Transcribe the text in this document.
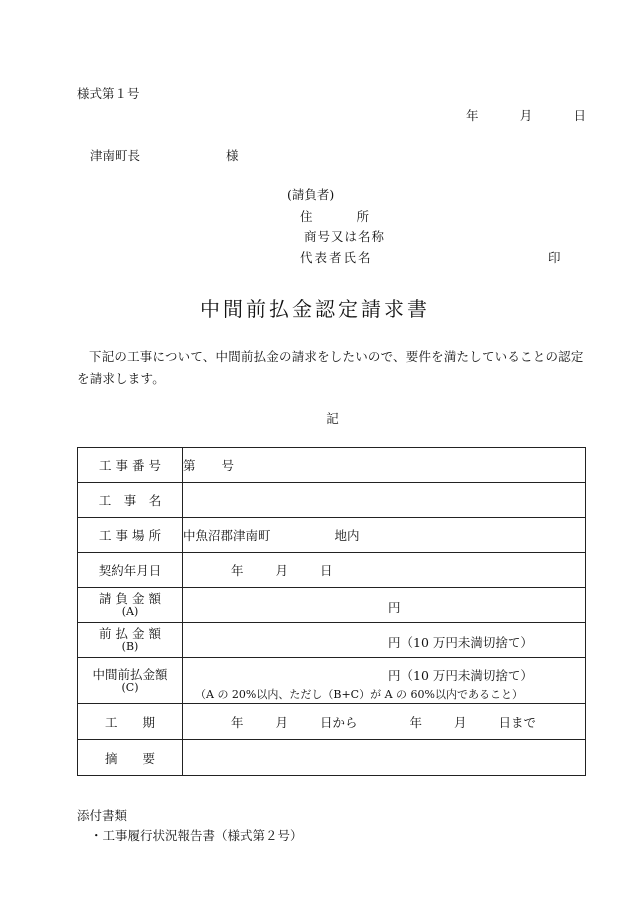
様式第１号
年	月	日
津南町長	様
(請負者)
住	所
商号又は名称
代表者氏名	印
中間前払金認定請求書
下記の工事について、中間前払金の請求をしたいので、要件を満たしていることの認定を請求します。
記
工 事 番 号	第 号
工　事　名	
工 事 場 所	中魚沼郡津南町 地内
契約年月日	年 月 日
請 負 金 額
(A)	円

前 払 金 額
(B)	円（10 万円未満切捨て）

中間前払金額
(C)	円（10 万円未満切捨て）
（A の 20%以内、ただし（B+C）が A の 60%以内であること）

工　　期	年 月 日から 年 月 日まで
摘　　要	
添付書類
・工事履行状況報告書（様式第２号）
